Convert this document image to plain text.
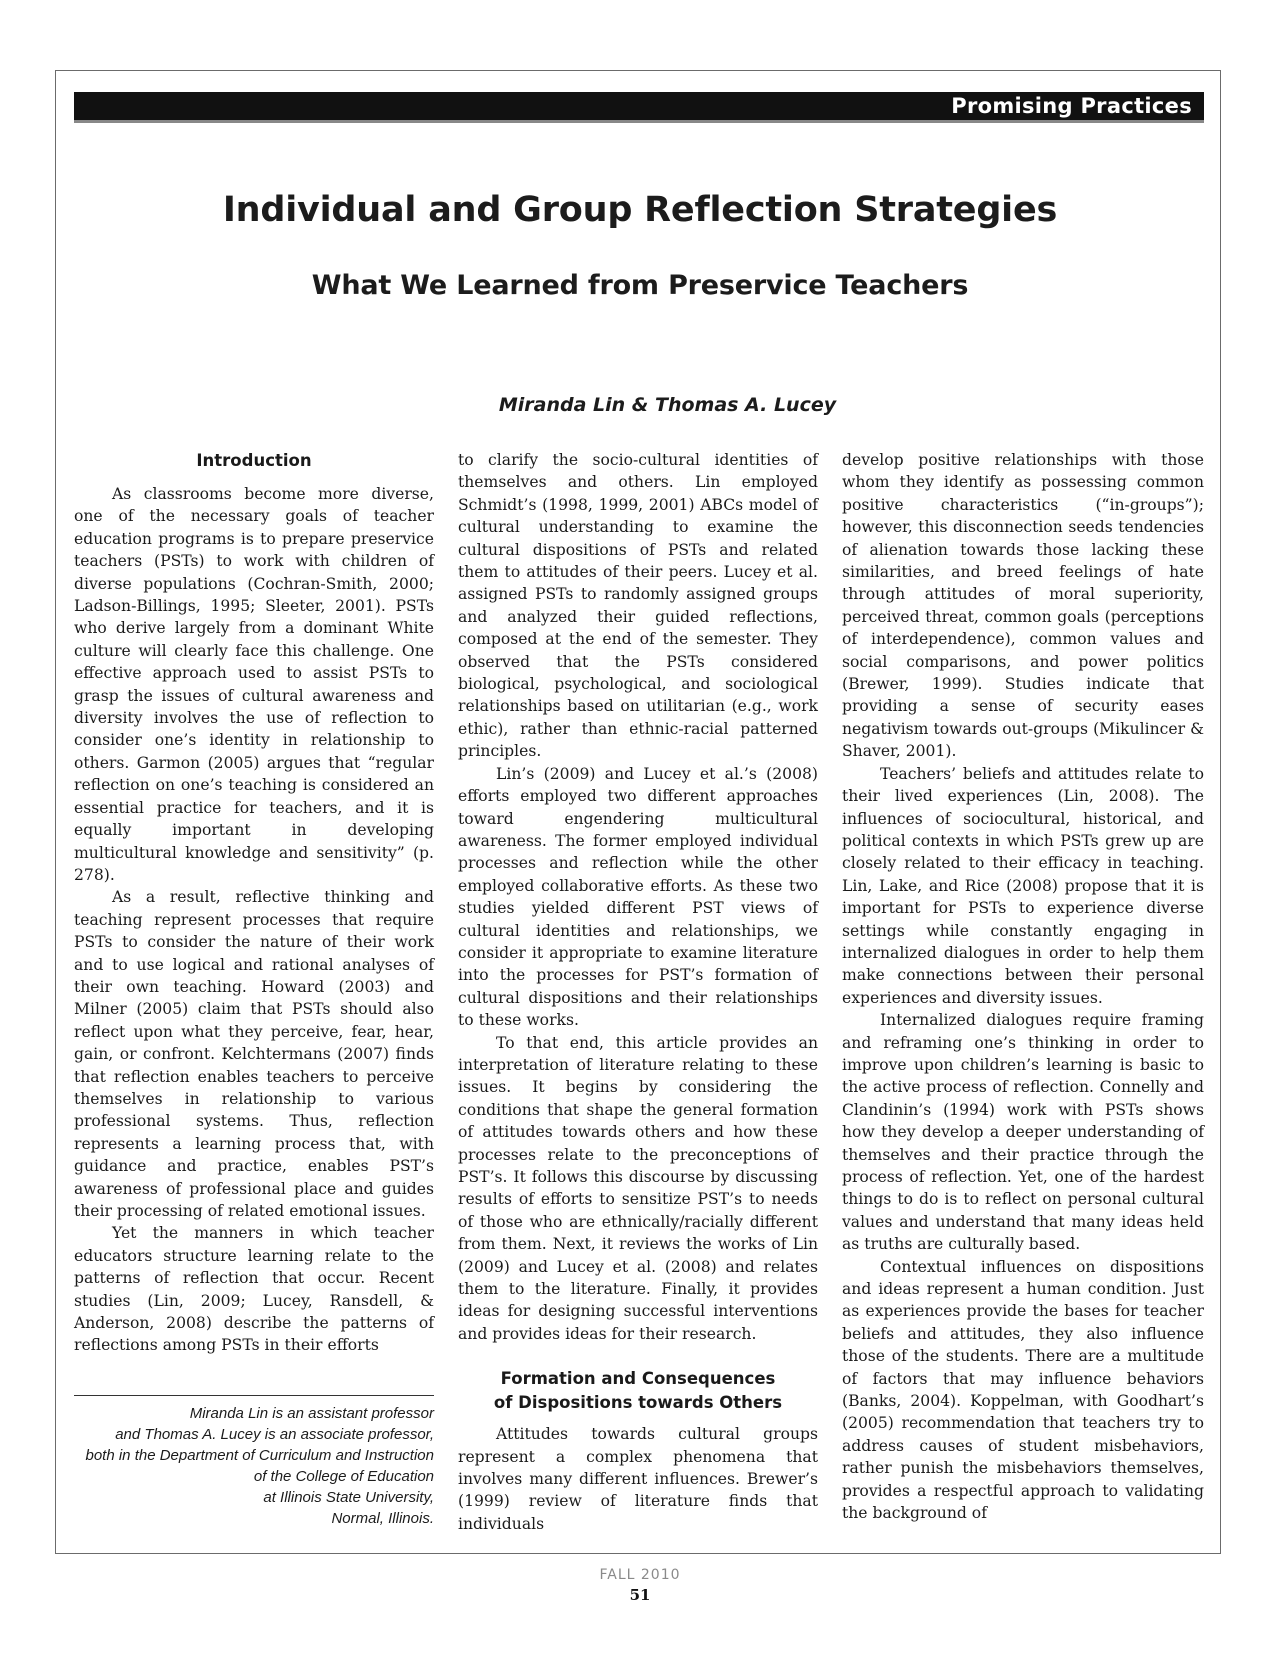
Promising Practices
Individual and Group Reflection Strategies
What We Learned from Preservice Teachers
Miranda Lin & Thomas A. Lucey
Introduction

As classrooms become more diverse, one of the necessary goals of teacher education programs is to prepare preservice teachers (PSTs) to work with children of diverse populations (Cochran-Smith, 2000; Ladson-Billings, 1995; Sleeter, 2001). PSTs who derive largely from a dominant White culture will clearly face this challenge. One effective approach used to assist PSTs to grasp the issues of cultural awareness and diversity involves the use of reflection to consider one’s identity in relationship to others. Garmon (2005) argues that “regular reflection on one’s teaching is considered an essential practice for teachers, and it is equally important in developing multicultural knowledge and sensitivity” (p. 278).

As a result, reflective thinking and teaching represent processes that require PSTs to consider the nature of their work and to use logical and rational analyses of their own teaching. Howard (2003) and Milner (2005) claim that PSTs should also reflect upon what they perceive, fear, hear, gain, or confront. Kelchtermans (2007) finds that reflection enables teachers to perceive themselves in relationship to various professional systems. Thus, reflection represents a learning process that, with guidance and practice, enables PST’s awareness of professional place and guides their processing of related emotional issues.

Yet the manners in which teacher educators structure learning relate to the patterns of reflection that occur. Recent studies (Lin, 2009; Lucey, Ransdell, & Anderson, 2008) describe the patterns of reflections among PSTs in their efforts

Miranda Lin is an assistant professor
and Thomas A. Lucey is an associate professor,
both in the Department of Curriculum and Instruction
of the College of Education
at Illinois State University,
Normal, Illinois.

to clarify the socio-cultural identities of themselves and others. Lin employed Schmidt’s (1998, 1999, 2001) ABCs model of cultural understanding to examine the cultural dispositions of PSTs and related them to attitudes of their peers. Lucey et al. assigned PSTs to randomly assigned groups and analyzed their guided reflections, composed at the end of the semester. They observed that the PSTs considered biological, psychological, and sociological relationships based on utilitarian (e.g., work ethic), rather than ethnic-racial patterned principles.

Lin’s (2009) and Lucey et al.’s (2008) efforts employed two different approaches toward engendering multicultural awareness. The former employed individual processes and reflection while the other employed collaborative efforts. As these two studies yielded different PST views of cultural identities and relationships, we consider it appropriate to examine literature into the processes for PST’s formation of cultural dispositions and their relationships to these works.

To that end, this article provides an interpretation of literature relating to these issues. It begins by considering the conditions that shape the general formation of attitudes towards others and how these processes relate to the preconceptions of PST’s. It follows this discourse by discussing results of efforts to sensitize PST’s to needs of those who are ethnically/racially different from them. Next, it reviews the works of Lin (2009) and Lucey et al. (2008) and relates them to the literature. Finally, it provides ideas for designing successful interventions and provides ideas for their research.

Formation and Consequences
of Dispositions towards Others

Attitudes towards cultural groups represent a complex phenomena that involves many different influences. Brewer’s (1999) review of literature finds that individuals

develop positive relationships with those whom they identify as possessing common positive characteristics (“in-groups”); however, this disconnection seeds tendencies of alienation towards those lacking these similarities, and breed feelings of hate through attitudes of moral superiority, perceived threat, common goals (perceptions of interdependence), common values and social comparisons, and power politics (Brewer, 1999). Studies indicate that providing a sense of security eases negativism towards out-groups (Mikulincer & Shaver, 2001).

Teachers’ beliefs and attitudes relate to their lived experiences (Lin, 2008). The influences of sociocultural, historical, and political contexts in which PSTs grew up are closely related to their efficacy in teaching. Lin, Lake, and Rice (2008) propose that it is important for PSTs to experience diverse settings while constantly engaging in internalized dialogues in order to help them make connections between their personal experiences and diversity issues.

Internalized dialogues require framing and reframing one’s thinking in order to improve upon children’s learning is basic to the active process of reflection. Connelly and Clandinin’s (1994) work with PSTs shows how they develop a deeper understanding of themselves and their practice through the process of reflection. Yet, one of the hardest things to do is to reflect on personal cultural values and understand that many ideas held as truths are culturally based.

Contextual influences on dispositions and ideas represent a human condition. Just as experiences provide the bases for teacher beliefs and attitudes, they also influence those of the students. There are a multitude of factors that may influence behaviors (Banks, 2004). Koppelman, with Goodhart’s (2005) recommendation that teachers try to address causes of student misbehaviors, rather punish the misbehaviors themselves, provides a respectful approach to validating the background of

FALL 2010
51
